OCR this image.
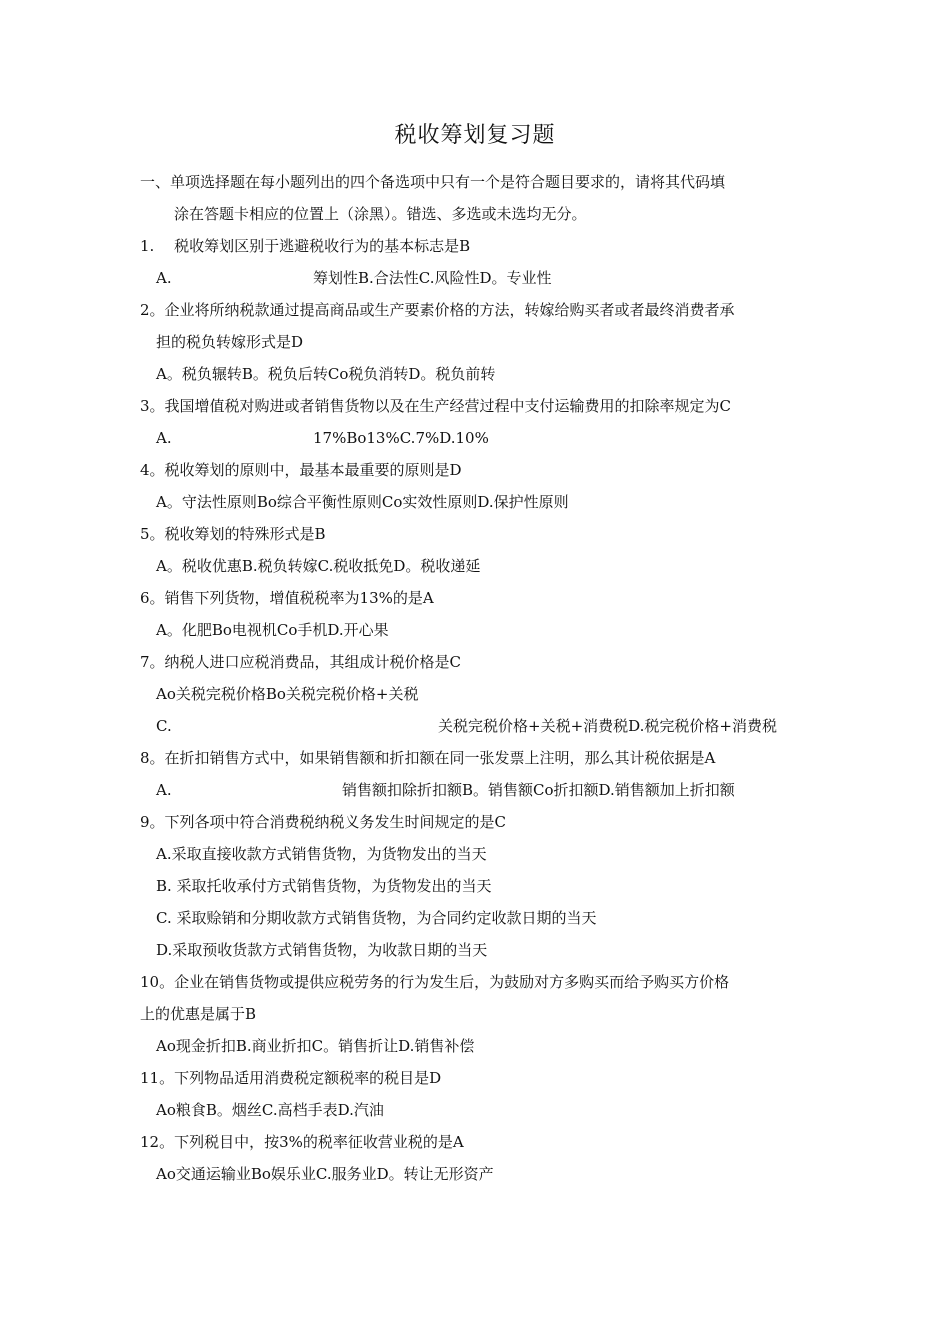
税收筹划复习题
一、单项选择题在每小题列出的四个备选项中只有一个是符合题目要求的，请将其代码填
涂在答题卡相应的位置上（涂黑）。错选、多选或未选均无分。
1.　 税收筹划区别于逃避税收行为的基本标志是B
A.	筹划性B.合法性C.风险性D。专业性
2。企业将所纳税款通过提高商品或生产要素价格的方法，转嫁给购买者或者最终消费者承
担的税负转嫁形式是D
A。税负辗转B。税负后转Co税负消转D。税负前转
3。我国增值税对购进或者销售货物以及在生产经营过程中支付运输费用的扣除率规定为C
A.	17%Bo13%C.7%D.10%
4。税收筹划的原则中，最基本最重要的原则是D
A。守法性原则Bo综合平衡性原则Co实效性原则D.保护性原则
5。税收筹划的特殊形式是B
A。税收优惠B.税负转嫁C.税收抵免D。税收递延
6。销售下列货物，增值税税率为13%的是A
A。化肥Bo电视机Co手机D.开心果
7。纳税人进口应税消费品，其组成计税价格是C
Ao关税完税价格Bo关税完税价格+关税
C.	关税完税价格+关税+消费税D.税完税价格+消费税
8。在折扣销售方式中，如果销售额和折扣额在同一张发票上注明，那么其计税依据是A
A.	销售额扣除折扣额B。销售额Co折扣额D.销售额加上折扣额
9。下列各项中符合消费税纳税义务发生时间规定的是C
A.采取直接收款方式销售货物，为货物发出的当天
B. 采取托收承付方式销售货物，为货物发出的当天
C. 采取赊销和分期收款方式销售货物，为合同约定收款日期的当天
D.采取预收货款方式销售货物，为收款日期的当天
10。企业在销售货物或提供应税劳务的行为发生后，为鼓励对方多购买而给予购买方价格
上的优惠是属于B
Ao现金折扣B.商业折扣C。销售折让D.销售补偿
11。下列物品适用消费税定额税率的税目是D
Ao粮食B。烟丝C.高档手表D.汽油
12。下列税目中，按3%的税率征收营业税的是A
Ao交通运输业Bo娱乐业C.服务业D。转让无形资产
